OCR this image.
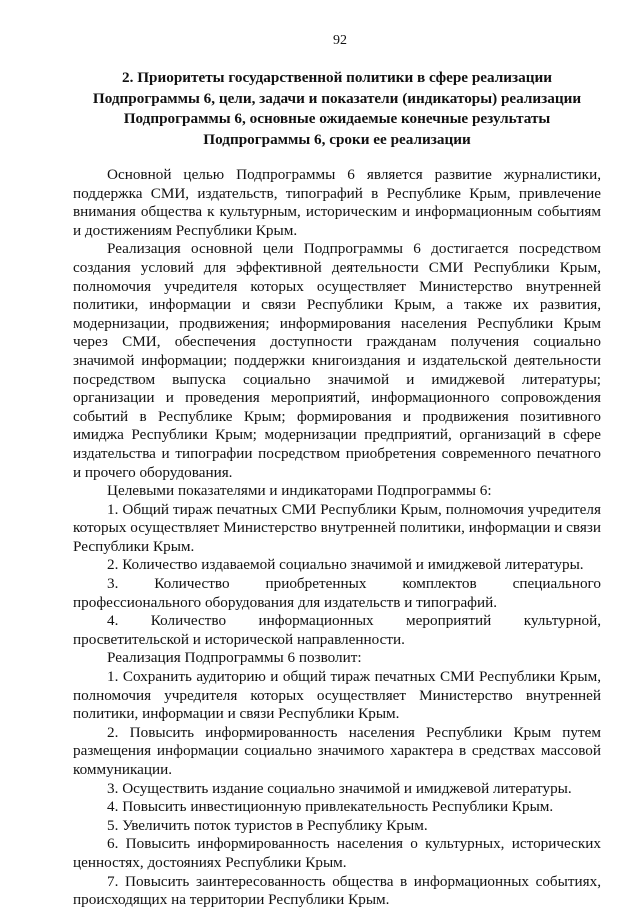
92
2. Приоритеты государственной политики в сфере реализации
Подпрограммы 6, цели, задачи и показатели (индикаторы) реализации
Подпрограммы 6, основные ожидаемые конечные результаты
Подпрограммы 6, сроки ее реализации

Основной целью Подпрограммы 6 является развитие журналистики, поддержка СМИ, издательств, типографий в Республике Крым, привлечение внимания общества к культурным, историческим и информационным событиям и достижениям Республики Крым.

Реализация основной цели Подпрограммы 6 достигается посредством создания условий для эффективной деятельности СМИ Республики Крым, полномочия учредителя которых осуществляет Министерство внутренней политики, информации и связи Республики Крым, а также их развития, модернизации, продвижения; информирования населения Республики Крым через СМИ, обеспечения доступности гражданам получения социально значимой информации; поддержки книгоиздания и издательской деятельности посредством выпуска социально значимой и имиджевой литературы; организации и проведения мероприятий, информационного сопровождения событий в Республике Крым; формирования и продвижения позитивного имиджа Республики Крым; модернизации предприятий, организаций в сфере издательства и типографии посредством приобретения современного печатного и прочего оборудования.

Целевыми показателями и индикаторами Подпрограммы 6:

1. Общий тираж печатных СМИ Республики Крым, полномочия учредителя которых осуществляет Министерство внутренней политики, информации и связи Республики Крым.

2. Количество издаваемой социально значимой и имиджевой литературы.

3. Количество приобретенных комплектов специального профессионального оборудования для издательств и типографий.

4. Количество информационных мероприятий культурной, просветительской и исторической направленности.

Реализация Подпрограммы 6 позволит:

1. Сохранить аудиторию и общий тираж печатных СМИ Республики Крым, полномочия учредителя которых осуществляет Министерство внутренней политики, информации и связи Республики Крым.

2. Повысить информированность населения Республики Крым путем размещения информации социально значимого характера в средствах массовой коммуникации.

3. Осуществить издание социально значимой и имиджевой литературы.

4. Повысить инвестиционную привлекательность Республики Крым.

5. Увеличить поток туристов в Республику Крым.

6. Повысить информированность населения о культурных, исторических ценностях, достояниях Республики Крым.

7. Повысить заинтересованность общества в информационных событиях, происходящих на территории Республики Крым.
